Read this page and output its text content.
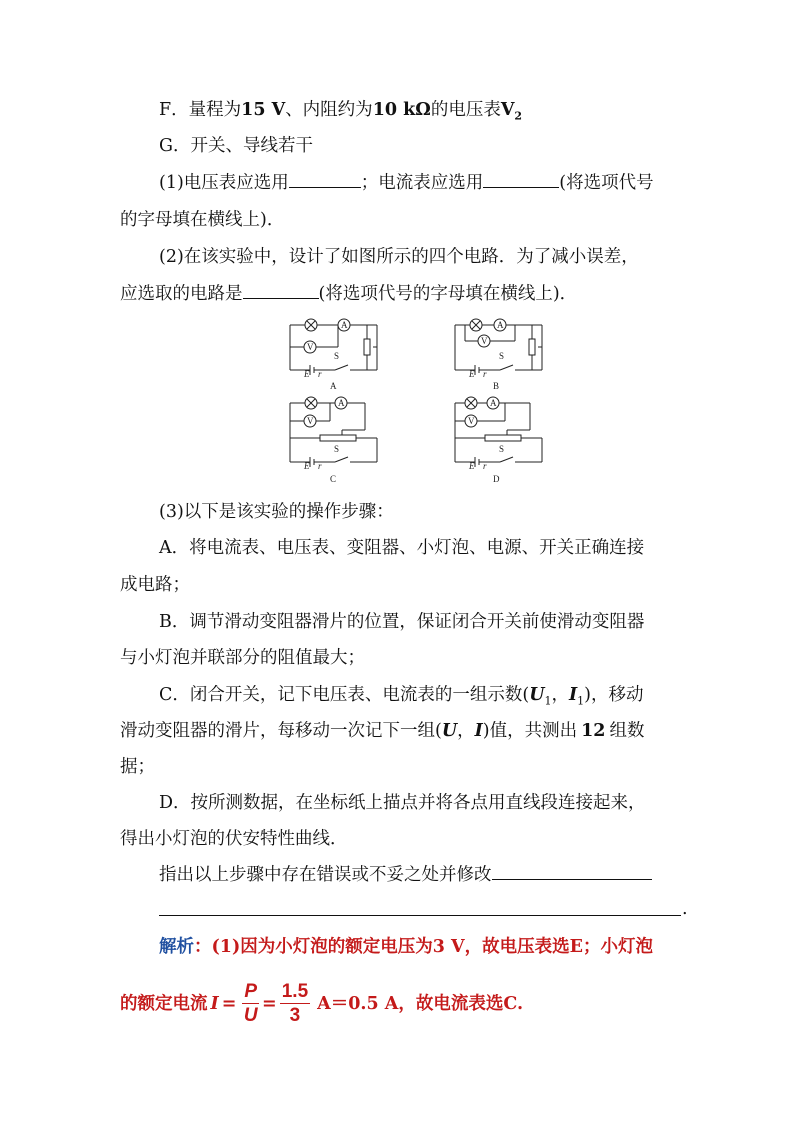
F．量程为15 V、内阻约为10 kΩ的电压表$V_2$
G．开关、导线若干
(1)电压表应选用	；电流表应选用	(将选项代号
的字母填在横线上)．
(2)在该实验中，设计了如图所示的四个电路．为了减小误差，
应选取的电路是	(将选项代号的字母填在横线上)．
A
V
A
V
A
V
A
V
E r
S
E r
S
E r
S
E r
S
A	B
C	D
(3)以下是该实验的操作步骤：
A．将电流表、电压表、变阻器、小灯泡、电源、开关正确连接
成电路；
B．调节滑动变阻器滑片的位置，保证闭合开关前使滑动变阻器
与小灯泡并联部分的阻值最大；
C．闭合开关，记下电压表、电流表的一组示数($U_1$，$I_1$)，移动
滑动变阻器的滑片，每移动一次记下一组(U，I)值，共测出 12 组数
据；
D．按所测数据，在坐标纸上描点并将各点用直线段连接起来，
得出小灯泡的伏安特性曲线．
指出以上步骤中存在错误或不妥之处并修改
.
解析：(1)因为小灯泡的额定电压为3 V，故电压表选E；小灯泡
的额定电流 $I = \frac{P}{U} = \frac{1.5}{3} A=0.5$ A，故电流表选C.
